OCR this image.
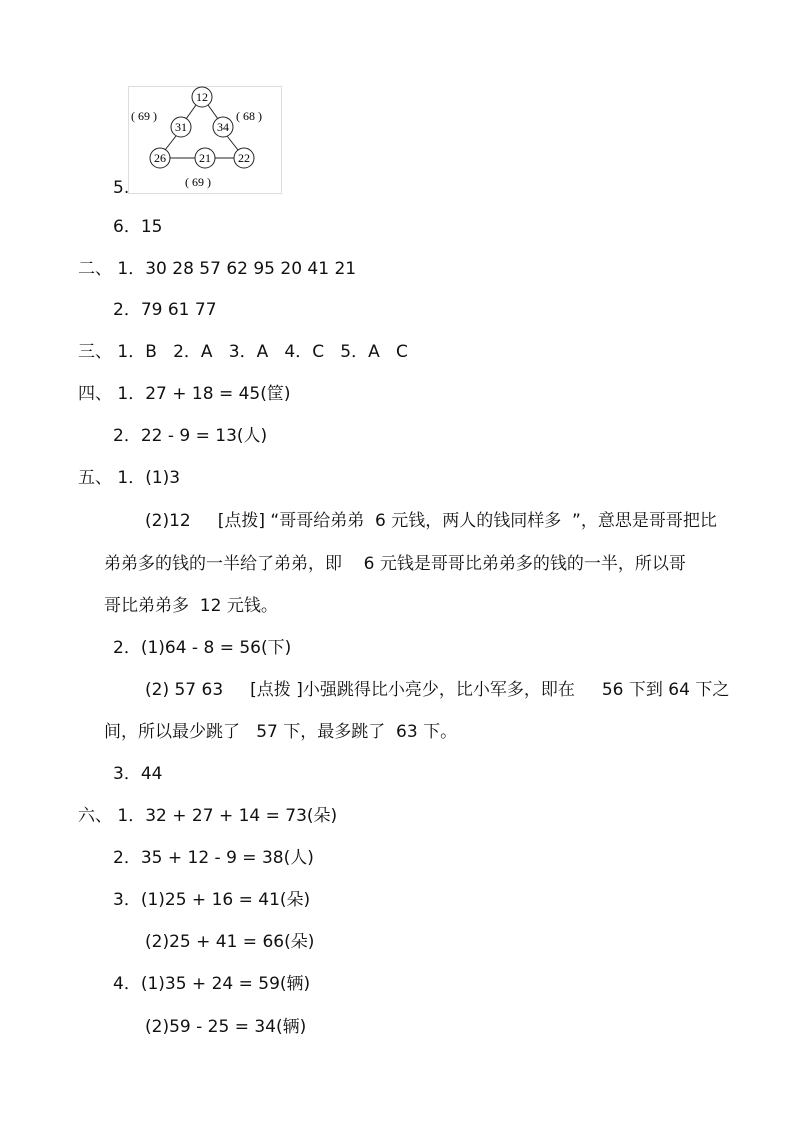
12
31	34
26	21 22
( 69 )	( 68 )
( 69 )
5.
6．15
二、 1．30 28 57 62 95 20 41 21
2．79 61 77
三、 1．B   2．A   3．A   4．C   5．A   C
四、 1．27 + 18 = 45(筐)
2．22 - 9 = 13(人)
五、 1．(1)3
(2)12     [点拨] “哥哥给弟弟  6 元钱，两人的钱同样多  ”，意思是哥哥把比
弟弟多的钱的一半给了弟弟，即    6 元钱是哥哥比弟弟多的钱的一半，所以哥
哥比弟弟多  12 元钱。
2．(1)64 - 8 = 56(下)
(2) 57 63     [点拨 ]小强跳得比小亮少，比小军多，即在     56 下到 64 下之
间，所以最少跳了   57 下，最多跳了  63 下。
3．44
六、 1．32 + 27 + 14 = 73(朵)
2．35 + 12 - 9 = 38(人)
3．(1)25 + 16 = 41(朵)
(2)25 + 41 = 66(朵)
4．(1)35 + 24 = 59(辆)
(2)59 - 25 = 34(辆)
